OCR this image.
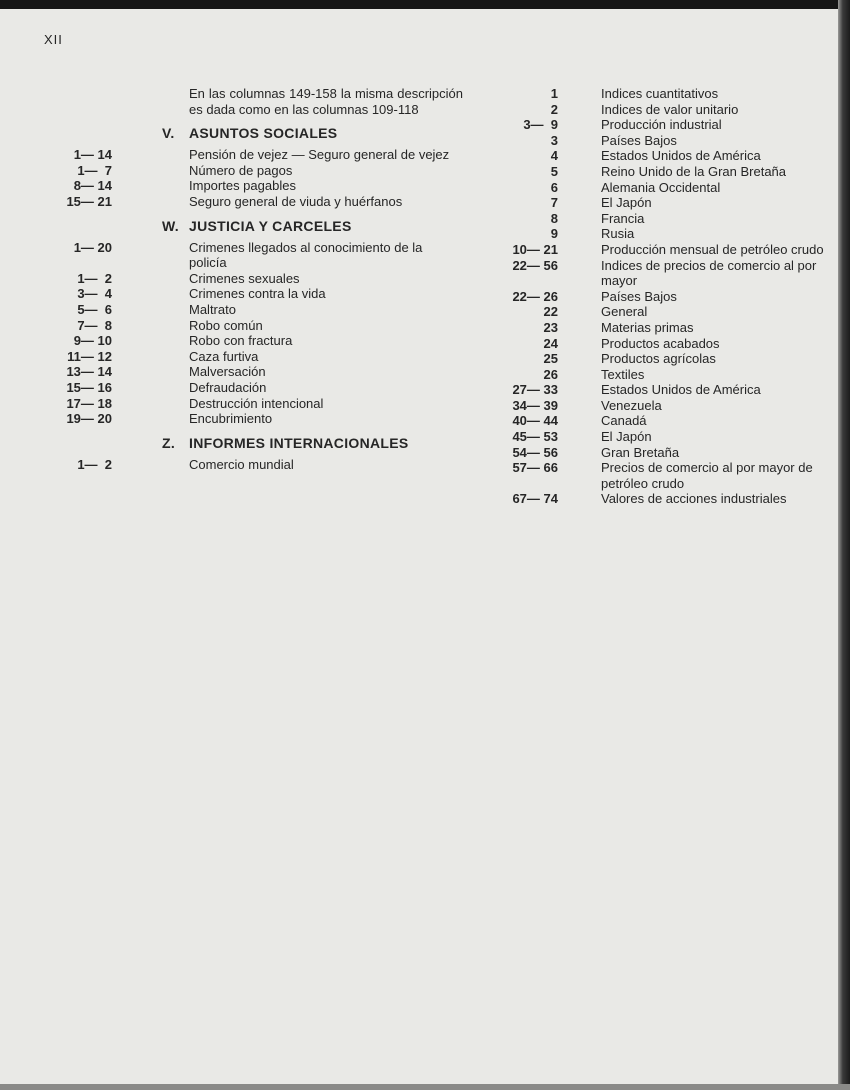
XII
En las columnas 149-158 la misma descripción es dada como en las columnas 109-118
V.	ASUNTOS SOCIALES
1— 14	Pensión de vejez — Seguro general de vejez
1—  7	Número de pagos
8— 14	Importes pagables
15— 21	Seguro general de viuda y huérfanos
W. JUSTICIA Y CARCELES
1— 20	Crimenes llegados al conocimiento de la policía
1—  2	Crimenes sexuales
3—  4	Crimenes contra la vida
5—  6	Maltrato
7—  8	Robo común
9— 10	Robo con fractura
11— 12	Caza furtiva
13— 14	Malversación
15— 16	Defraudación
17— 18	Destrucción intencional
19— 20	Encubrimiento
Z. INFORMES INTERNACIONALES
1—  2	Comercio mundial
1	Indices cuantitativos
2	Indices de valor unitario
3—  9	Producción industrial
3	Países Bajos
4	Estados Unidos de América
5	Reino Unido de la Gran Bretaña
6	Alemania Occidental
7	El Japón
8	Francia
9	Rusia
10— 21	Producción mensual de petróleo crudo
22— 56	Indices de precios de comercio al por mayor
22— 26	Países Bajos
22	General
23	Materias primas
24	Productos acabados
25	Productos agrícolas
26	Textiles
27— 33	Estados Unidos de América
34— 39	Venezuela
40— 44	Canadá
45— 53	El Japón
54— 56	Gran Bretaña
57— 66	Precios de comercio al por mayor de petróleo crudo
67— 74	Valores de acciones industriales
